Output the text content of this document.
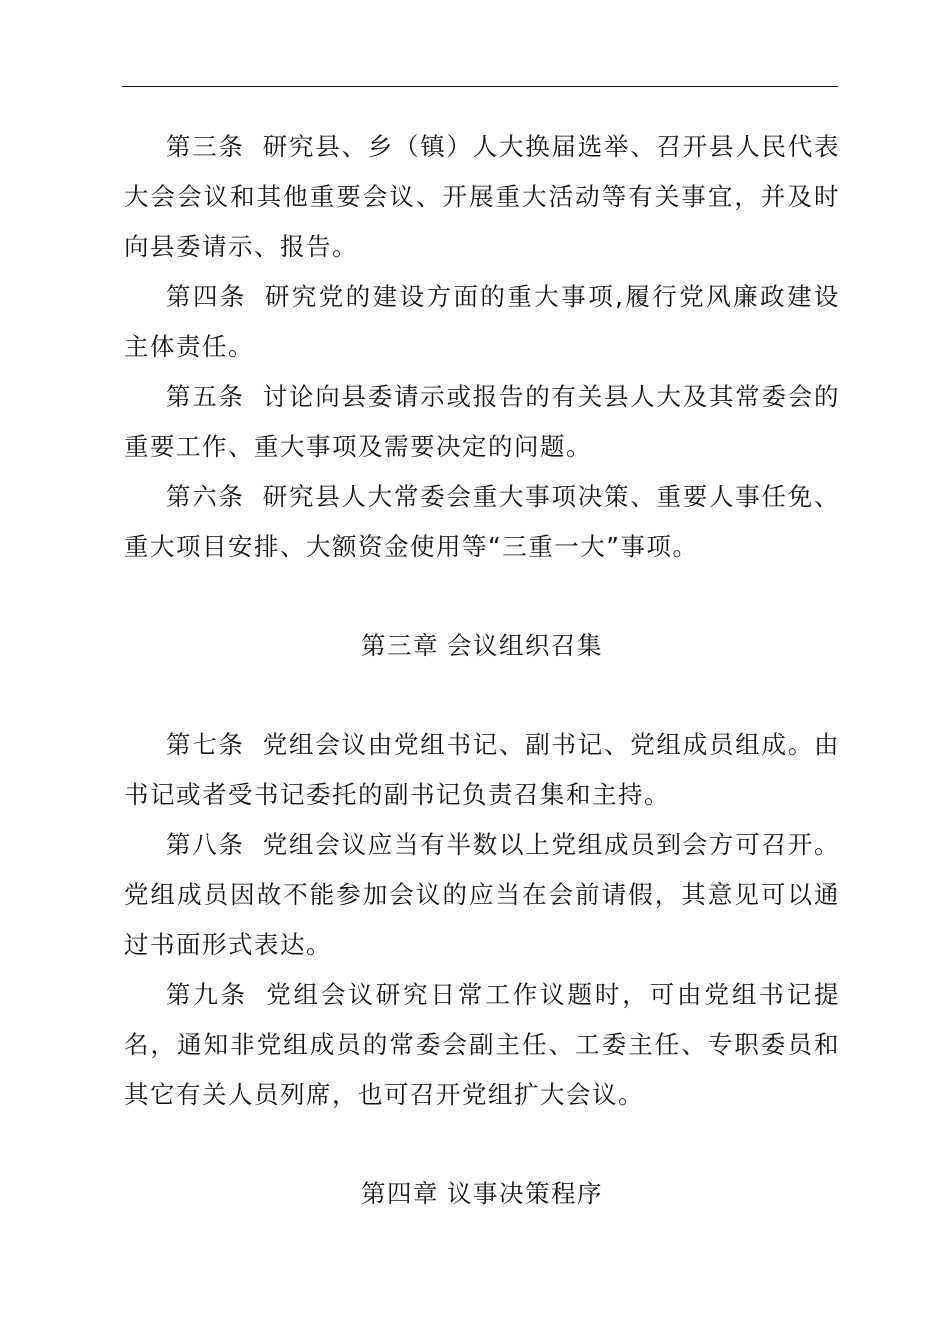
第三条 研究县、乡（镇）人大换届选举、召开县人民代表大会会议和其他重要会议、开展重大活动等有关事宜，并及时向县委请示、报告。

第四条 研究党的建设方面的重大事项,履行党风廉政建设主体责任。

第五条 讨论向县委请示或报告的有关县人大及其常委会的重要工作、重大事项及需要决定的问题。

第六条 研究县人大常委会重大事项决策、重要人事任免、重大项目安排、大额资金使用等“三重一大”事项。

第三章 会议组织召集

第七条 党组会议由党组书记、副书记、党组成员组成。由书记或者受书记委托的副书记负责召集和主持。

第八条 党组会议应当有半数以上党组成员到会方可召开。党组成员因故不能参加会议的应当在会前请假，其意见可以通过书面形式表达。

第九条 党组会议研究日常工作议题时，可由党组书记提名，通知非党组成员的常委会副主任、工委主任、专职委员和其它有关人员列席，也可召开党组扩大会议。

第四章 议事决策程序
